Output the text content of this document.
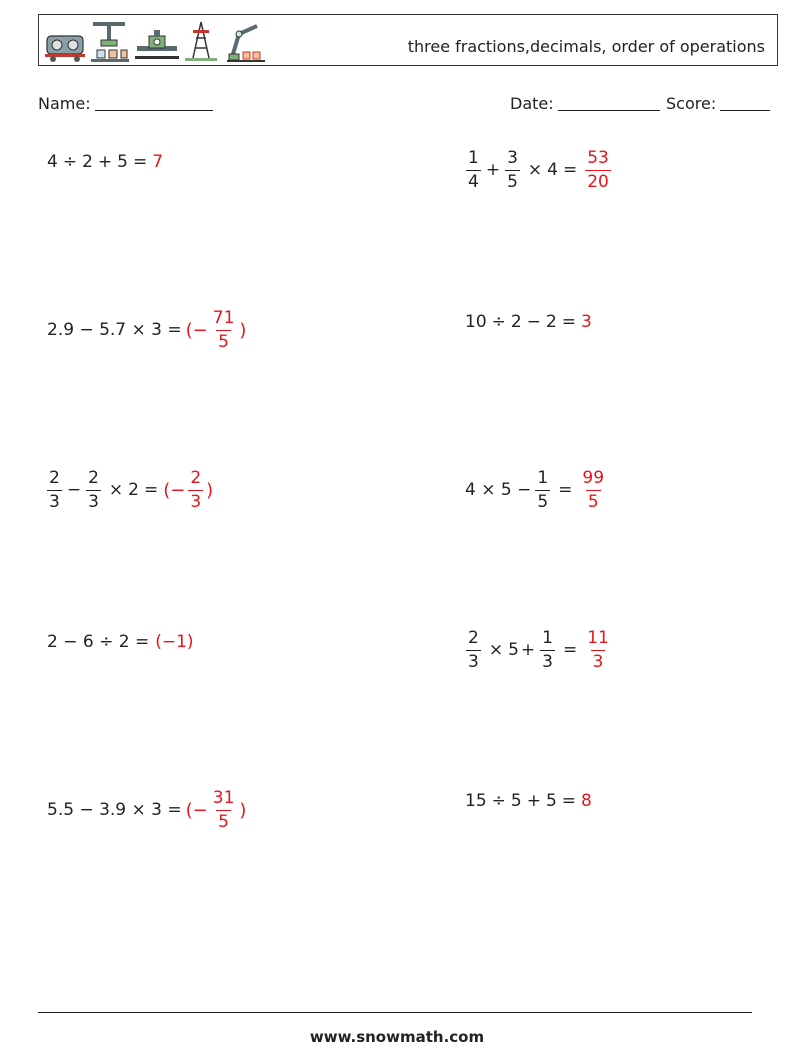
three fractions,decimals, order of operations
Name:	Date:	Score:
4 ÷ 2 + 5 = 7	$\frac{1}{4} + \frac{3}{5} \times 4 = \frac{53}{20}$
2.9 − 5.7 × 3 = (− $\frac{71}{5}$ )	10 ÷ 2 − 2 = 3
$\frac{2}{3} - \frac{2}{3} \times 2$ = (− $\frac{2}{3}$ )	$4 \times 5 - \frac{1}{5} = \frac{99}{5}$
2 − 6 ÷ 2 = (−1)	$\frac{2}{3} \times 5 + \frac{1}{3} = \frac{11}{3}$
5.5 − 3.9 × 3 = (− $\frac{31}{5}$ )	15 ÷ 5 + 5 = 8
www.snowmath.com
